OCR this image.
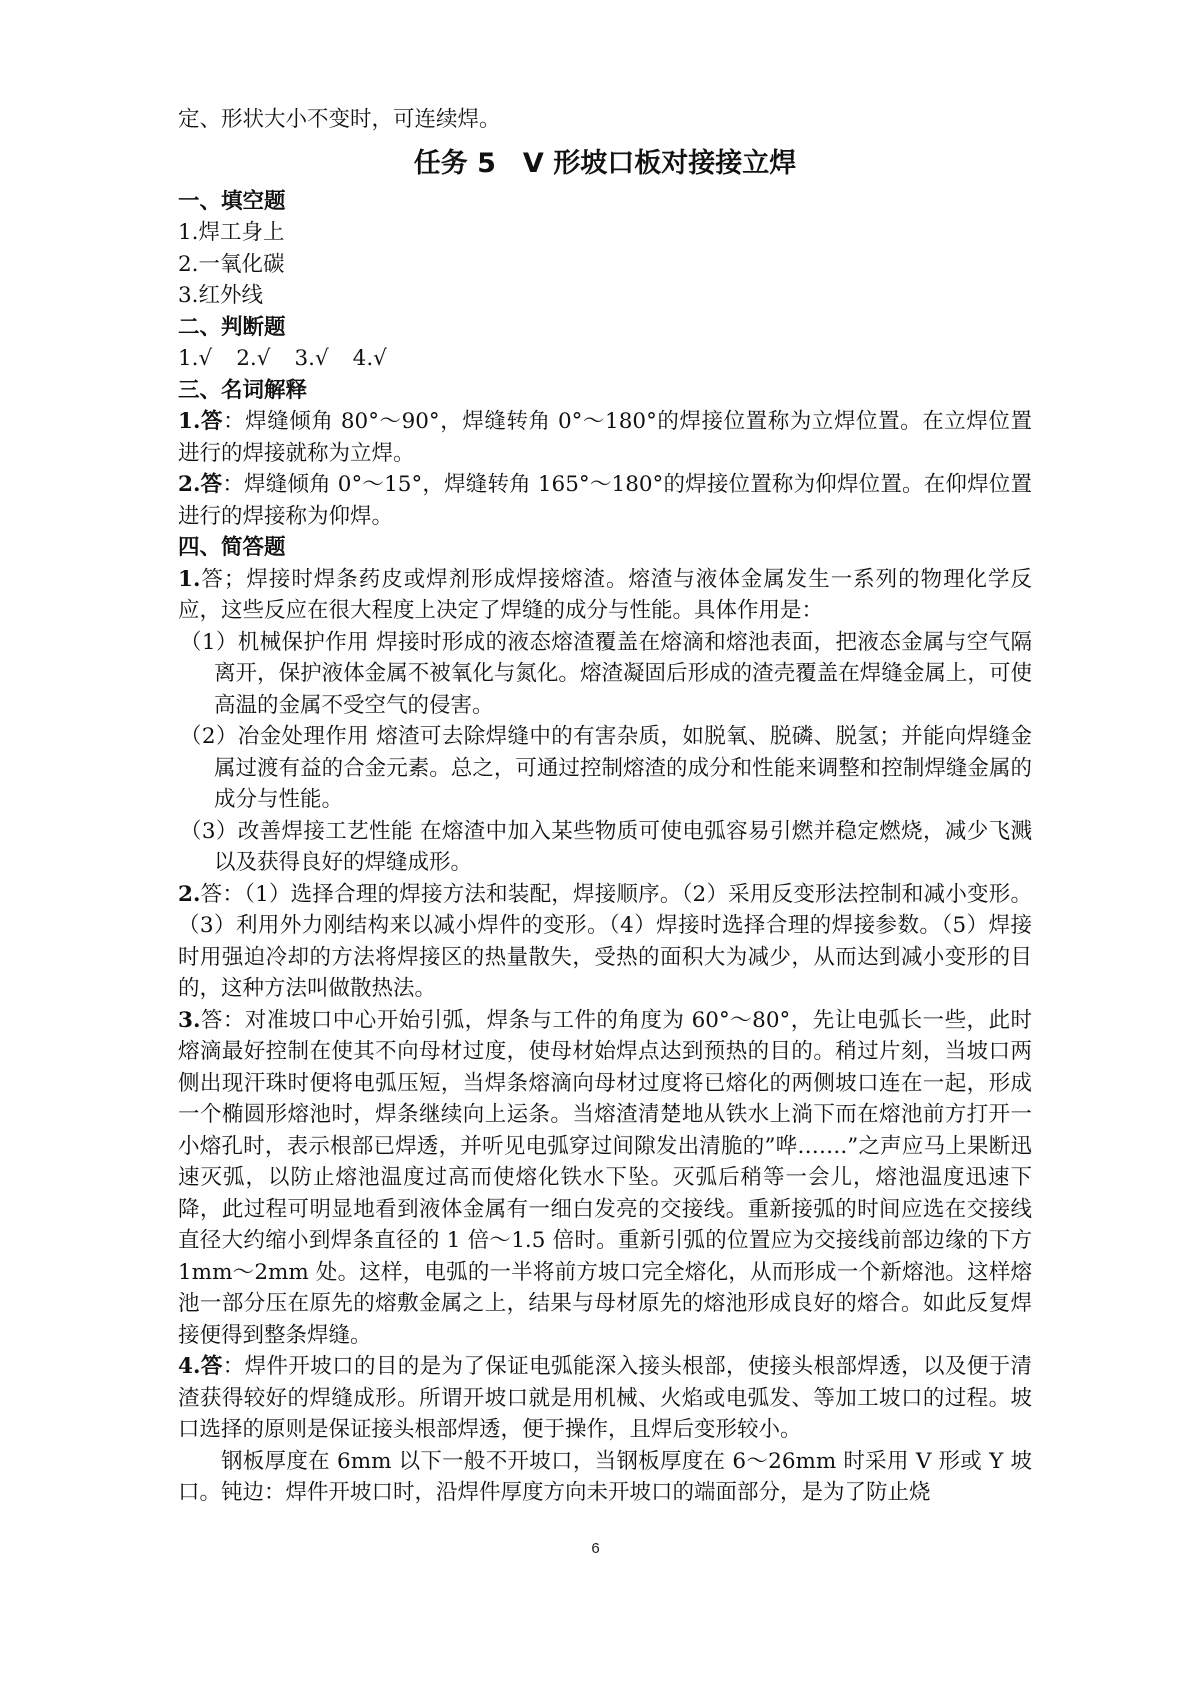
定、形状大小不变时，可连续焊。

任务 5　V 形坡口板对接接立焊

一、填空题

1.焊工身上

2.一氧化碳

3.红外线

二、判断题

1.√ 2.√ 3.√ 4.√

三、名词解释

1.答：焊缝倾角 80°～90°，焊缝转角 0°～180°的焊接位置称为立焊位置。在立焊位置进行的焊接就称为立焊。

2.答：焊缝倾角 0°～15°，焊缝转角 165°～180°的焊接位置称为仰焊位置。在仰焊位置进行的焊接称为仰焊。

四、简答题

1.答；焊接时焊条药皮或焊剂形成焊接熔渣。熔渣与液体金属发生一系列的物理化学反应，这些反应在很大程度上决定了焊缝的成分与性能。具体作用是：

（1）机械保护作用 焊接时形成的液态熔渣覆盖在熔滴和熔池表面，把液态金属与空气隔离开，保护液体金属不被氧化与氮化。熔渣凝固后形成的渣壳覆盖在焊缝金属上，可使高温的金属不受空气的侵害。

（2）冶金处理作用 熔渣可去除焊缝中的有害杂质，如脱氧、脱磷、脱氢；并能向焊缝金属过渡有益的合金元素。总之，可通过控制熔渣的成分和性能来调整和控制焊缝金属的成分与性能。

（3）改善焊接工艺性能 在熔渣中加入某些物质可使电弧容易引燃并稳定燃烧，减少飞溅以及获得良好的焊缝成形。

2.答：（1）选择合理的焊接方法和装配，焊接顺序。（2）采用反变形法控制和减小变形。（3）利用外力刚结构来以减小焊件的变形。（4）焊接时选择合理的焊接参数。（5）焊接时用强迫冷却的方法将焊接区的热量散失，受热的面积大为减少，从而达到减小变形的目的，这种方法叫做散热法。

3.答：对准坡口中心开始引弧，焊条与工件的角度为 60°～80°，先让电弧长一些，此时熔滴最好控制在使其不向母材过度，使母材始焊点达到预热的目的。稍过片刻，当坡口两侧出现汗珠时便将电弧压短，当焊条熔滴向母材过度将已熔化的两侧坡口连在一起，形成一个椭圆形熔池时，焊条继续向上运条。当熔渣清楚地从铁水上淌下而在熔池前方打开一小熔孔时，表示根部已焊透，并听见电弧穿过间隙发出清脆的”哗…….”之声应马上果断迅速灭弧，以防止熔池温度过高而使熔化铁水下坠。灭弧后稍等一会儿，熔池温度迅速下降，此过程可明显地看到液体金属有一细白发亮的交接线。重新接弧的时间应选在交接线直径大约缩小到焊条直径的 1 倍～1.5 倍时。重新引弧的位置应为交接线前部边缘的下方 1mm～2mm 处。这样，电弧的一半将前方坡口完全熔化，从而形成一个新熔池。这样熔池一部分压在原先的熔敷金属之上，结果与母材原先的熔池形成良好的熔合。如此反复焊接便得到整条焊缝。

4.答：焊件开坡口的目的是为了保证电弧能深入接头根部，使接头根部焊透，以及便于清渣获得较好的焊缝成形。所谓开坡口就是用机械、火焰或电弧发、等加工坡口的过程。坡口选择的原则是保证接头根部焊透，便于操作，且焊后变形较小。

钢板厚度在 6mm 以下一般不开坡口，当钢板厚度在 6～26mm 时采用 V 形或 Y 坡口。钝边：焊件开坡口时，沿焊件厚度方向未开坡口的端面部分，是为了防止烧

6
